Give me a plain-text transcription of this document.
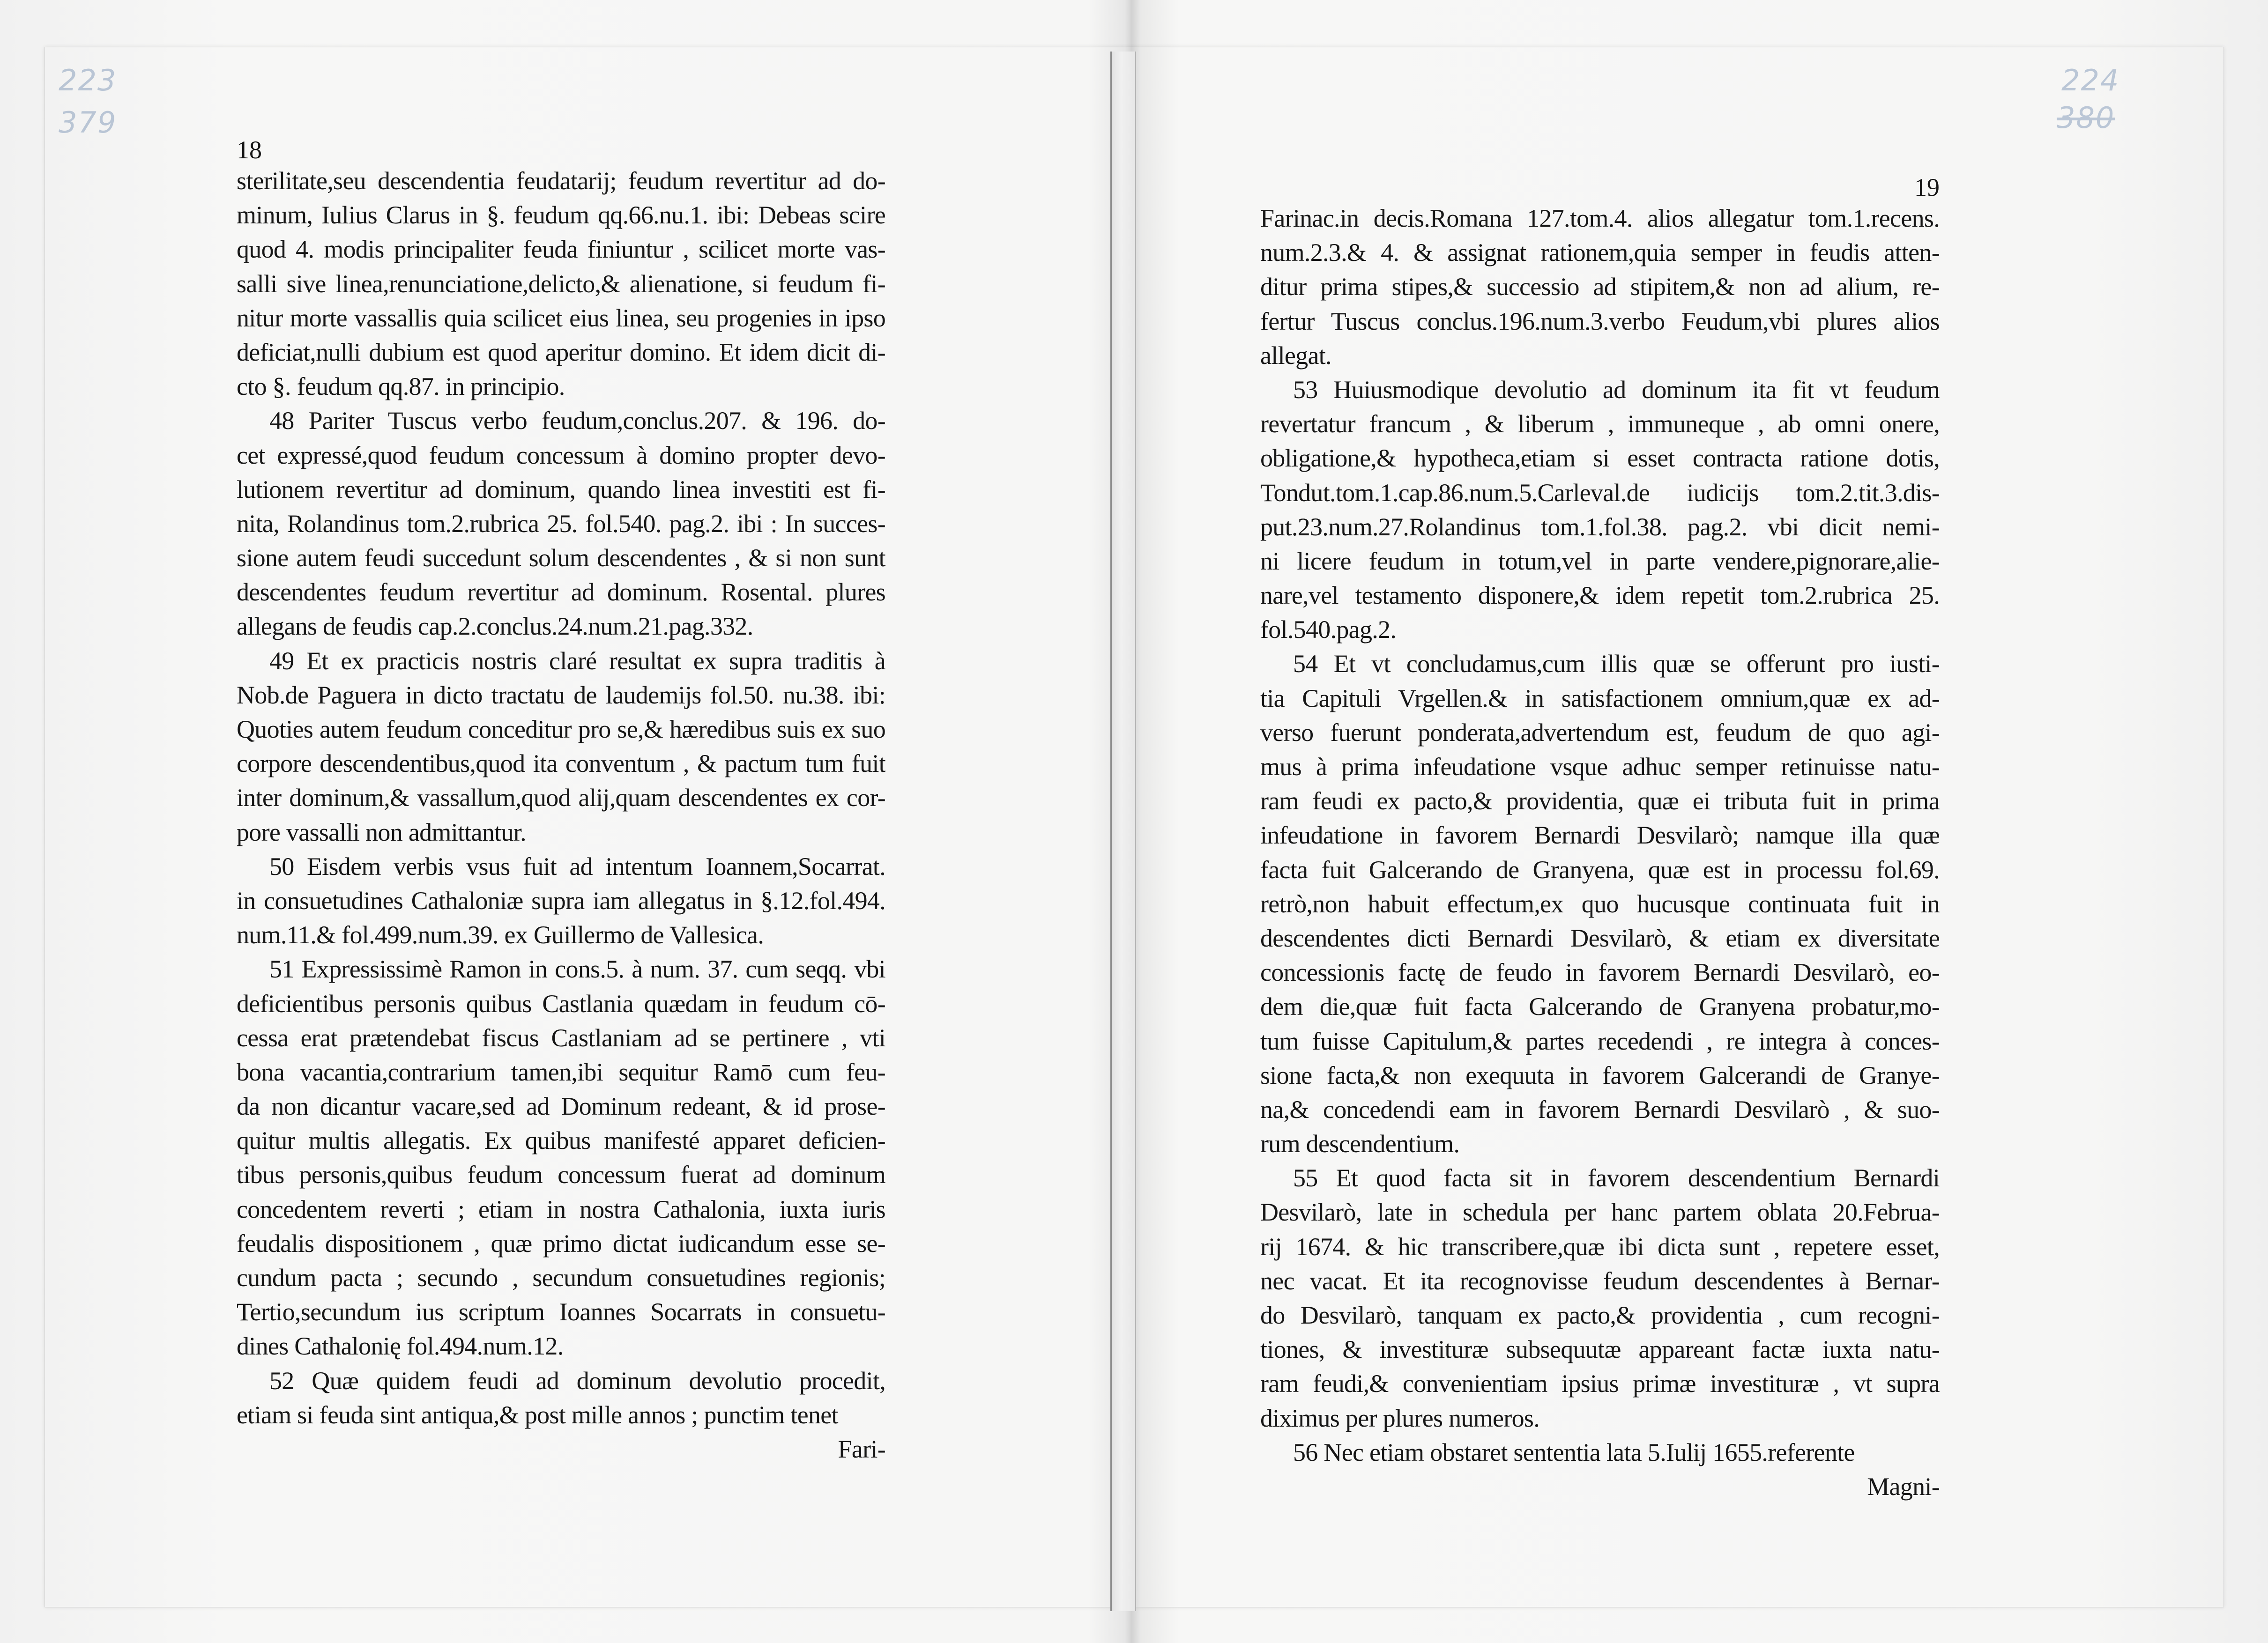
223
379
224
380
18
sterilitate,seu descendentia feudatarij; feudum revertitur ad do-
minum, Iulius Clarus in §. feudum qq.66.nu.1. ibi: Debeas scire
quod 4. modis principaliter feuda finiuntur , scilicet morte vas-
salli sive linea,renunciatione,delicto,& alienatione, si feudum fi-
nitur morte vassallis quia scilicet eius linea, seu progenies in ipso
deficiat,nulli dubium est quod aperitur domino. Et idem dicit di-
cto §. feudum qq.87. in principio.
48 Pariter Tuscus verbo feudum,conclus.207. & 196. do-
cet expressé,quod feudum concessum à domino propter devo-
lutionem revertitur ad dominum, quando linea investiti est fi-
nita, Rolandinus tom.2.rubrica 25. fol.540. pag.2. ibi : In succes-
sione autem feudi succedunt solum descendentes , & si non sunt
descendentes feudum revertitur ad dominum. Rosental. plures
allegans de feudis cap.2.conclus.24.num.21.pag.332.
49 Et ex practicis nostris claré resultat ex supra traditis à
Nob.de Paguera in dicto tractatu de laudemijs fol.50. nu.38. ibi:
Quoties autem feudum conceditur pro se,& hæredibus suis ex suo
corpore descendentibus,quod ita conventum , & pactum tum fuit
inter dominum,& vassallum,quod alij,quam descendentes ex cor-
pore vassalli non admittantur.
50 Eisdem verbis vsus fuit ad intentum Ioannem,Socarrat.
in consuetudines Cathaloniæ supra iam allegatus in §.12.fol.494.
num.11.& fol.499.num.39. ex Guillermo de Vallesica.
51 Expressissimè Ramon in cons.5. à num. 37. cum seqq. vbi
deficientibus personis quibus Castlania quædam in feudum cō-
cessa erat prætendebat fiscus Castlaniam ad se pertinere , vti
bona vacantia,contrarium tamen,ibi sequitur Ramō cum feu-
da non dicantur vacare,sed ad Dominum redeant, & id prose-
quitur multis allegatis. Ex quibus manifesté apparet deficien-
tibus personis,quibus feudum concessum fuerat ad dominum
concedentem reverti ; etiam in nostra Cathalonia, iuxta iuris
feudalis dispositionem , quæ primo dictat iudicandum esse se-
cundum pacta ; secundo , secundum consuetudines regionis;
Tertio,secundum ius scriptum Ioannes Socarrats in consuetu-
dines Cathalonię fol.494.num.12.
52 Quæ quidem feudi ad dominum devolutio procedit,
etiam si feuda sint antiqua,& post mille annos ; punctim tenet
Fari-
19
Farinac.in decis.Romana 127.tom.4. alios allegatur tom.1.recens.
num.2.3.& 4. & assignat rationem,quia semper in feudis atten-
ditur prima stipes,& successio ad stipitem,& non ad alium, re-
fertur Tuscus conclus.196.num.3.verbo Feudum,vbi plures alios
allegat.
53 Huiusmodique devolutio ad dominum ita fit vt feudum
revertatur francum , & liberum , immuneque , ab omni onere,
obligatione,& hypotheca,etiam si esset contracta ratione dotis,
Tondut.tom.1.cap.86.num.5.Carleval.de iudicijs tom.2.tit.3.dis-
put.23.num.27.Rolandinus tom.1.fol.38. pag.2. vbi dicit nemi-
ni licere feudum in totum,vel in parte vendere,pignorare,alie-
nare,vel testamento disponere,& idem repetit tom.2.rubrica 25.
fol.540.pag.2.
54 Et vt concludamus,cum illis quæ se offerunt pro iusti-
tia Capituli Vrgellen.& in satisfactionem omnium,quæ ex ad-
verso fuerunt ponderata,advertendum est, feudum de quo agi-
mus à prima infeudatione vsque adhuc semper retinuisse natu-
ram feudi ex pacto,& providentia, quæ ei tributa fuit in prima
infeudatione in favorem Bernardi Desvilarò; namque illa quæ
facta fuit Galcerando de Granyena, quæ est in processu fol.69.
retrò,non habuit effectum,ex quo hucusque continuata fuit in
descendentes dicti Bernardi Desvilarò, & etiam ex diversitate
concessionis factę de feudo in favorem Bernardi Desvilarò, eo-
dem die,quæ fuit facta Galcerando de Granyena probatur,mo-
tum fuisse Capitulum,& partes recedendi , re integra à conces-
sione facta,& non exequuta in favorem Galcerandi de Granye-
na,& concedendi eam in favorem Bernardi Desvilarò , & suo-
rum descendentium.
55 Et quod facta sit in favorem descendentium Bernardi
Desvilarò, late in schedula per hanc partem oblata 20.Februa-
rij 1674. & hic transcribere,quæ ibi dicta sunt , repetere esset,
nec vacat. Et ita recognovisse feudum descendentes à Bernar-
do Desvilarò, tanquam ex pacto,& providentia , cum recogni-
tiones, & investituræ subsequutæ appareant factæ iuxta natu-
ram feudi,& convenientiam ipsius primæ investituræ , vt supra
diximus per plures numeros.
56 Nec etiam obstaret sententia lata 5.Iulij 1655.referente
Magni-
